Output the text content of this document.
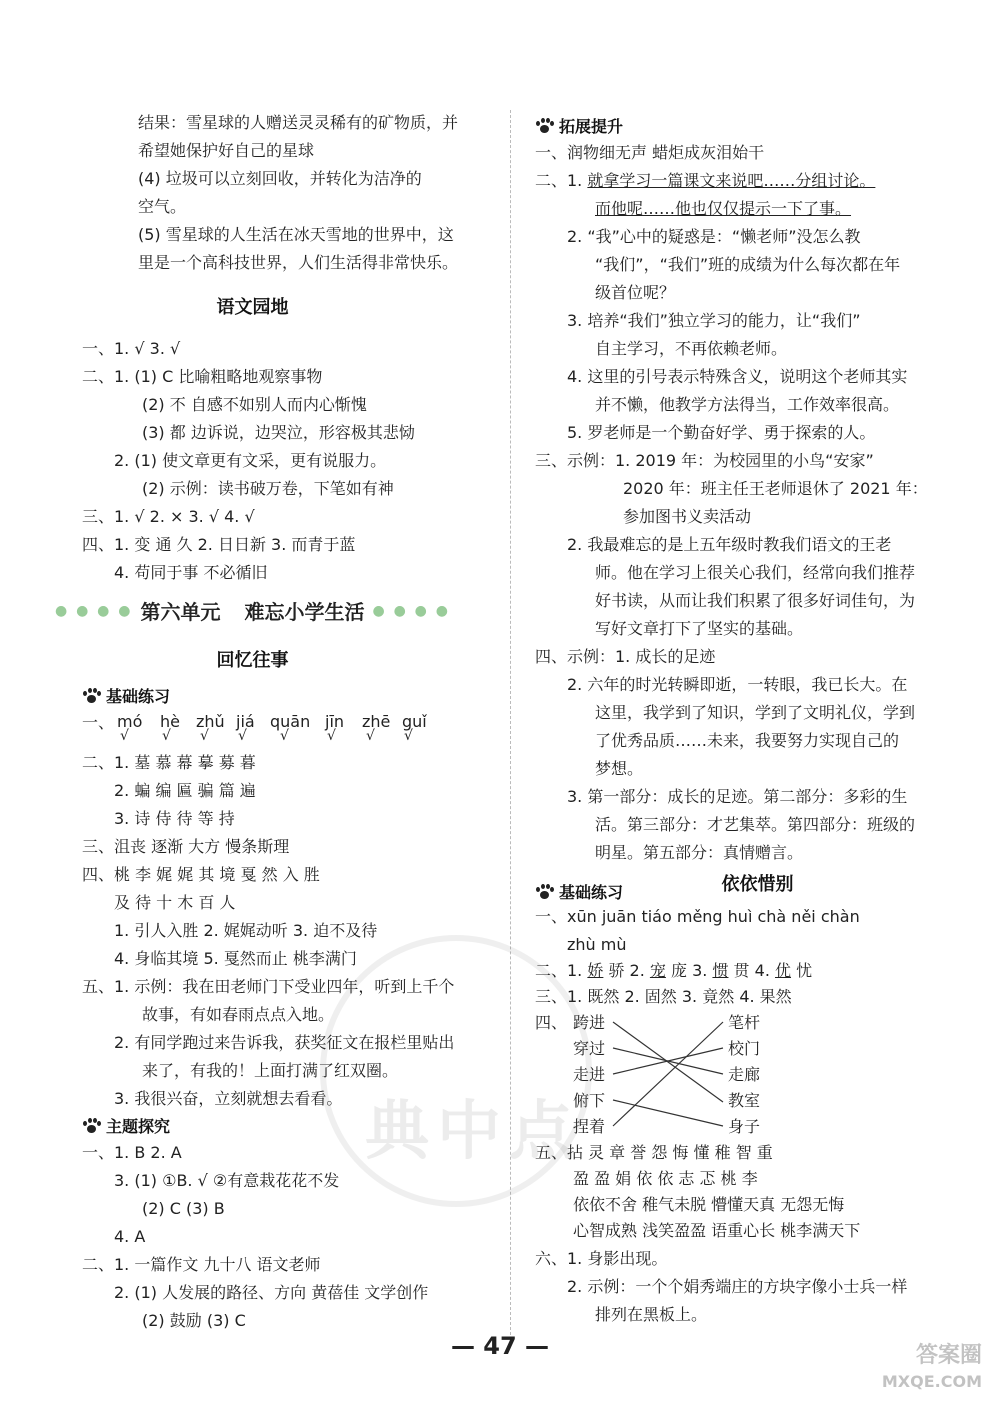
结果：雪星球的人赠送灵灵稀有的矿物质，并
希望她保护好自己的星球
(4) 垃圾可以立刻回收，并转化为洁净的
空气。
(5) 雪星球的人生活在冰天雪地的世界中，这
里是一个高科技世界，人们生活得非常快乐。
语文园地
一、1. √ 3. √
二、1. (1) C 比喻粗略地观察事物
(2) 不 自感不如别人而内心惭愧
(3) 都 边诉说，边哭泣，形容极其悲恸
2. (1) 使文章更有文采，更有说服力。
(2) 示例：读书破万卷，下笔如有神
三、1. √ 2. × 3. √ 4. √
四、1. 变 通 久 2. 日日新 3. 而青于蓝
4. 苟同于事 不必循旧
● ● ● ● 第六单元 难忘小学生活 ● ● ● ●
回忆往事
基础练习
一、 mó hè zhǔ jiá quān jīn zhē guǐ
√ √ √ √ √	√ √ √
二、1. 墓 慕 幕 摹 募 暮
2. 蝙 编 匾 骗 篇 遍
3. 诗 侍 待 等 持
三、沮丧 逐渐 大方 慢条斯理
四、桃 李 娓 娓 其 境 戛 然 入 胜
及 待 十 木 百 人
1. 引人入胜 2. 娓娓动听 3. 迫不及待
4. 身临其境 5. 戛然而止 桃李满门
五、1. 示例：我在田老师门下受业四年，听到上千个
故事，有如春雨点点入地。
2. 有同学跑过来告诉我，获奖征文在报栏里贴出
来了，有我的！上面打满了红双圈。
3. 我很兴奋，立刻就想去看看。
主题探究
一、1. B 2. A
3. (1) ①B. √ ②有意栽花花不发
(2) C (3) B
4. A
二、1. 一篇作文 九十八 语文老师
2. (1) 人发展的路径、方向 黄蓓佳 文学创作
(2) 鼓励 (3) C
拓展提升
一、润物细无声 蜡炬成灰泪始干
二、1. 就拿学习一篇课文来说吧……分组讨论。
而他呢……他也仅仅提示一下了事。
2. “我”心中的疑惑是：“懒老师”没怎么教
“我们”，“我们”班的成绩为什么每次都在年
级首位呢？
3. 培养“我们”独立学习的能力，让“我们”
自主学习，不再依赖老师。
4. 这里的引号表示特殊含义，说明这个老师其实
并不懒，他教学方法得当，工作效率很高。
5. 罗老师是一个勤奋好学、勇于探索的人。
三、示例：1. 2019 年：为校园里的小鸟“安家”
2020 年：班主任王老师退休了 2021 年：
参加图书义卖活动
2. 我最难忘的是上五年级时教我们语文的王老
师。他在学习上很关心我们，经常向我们推荐
好书读，从而让我们积累了很多好词佳句，为
写好文章打下了坚实的基础。
四、示例：1. 成长的足迹
2. 六年的时光转瞬即逝，一转眼，我已长大。在
这里，我学到了知识，学到了文明礼仪，学到
了优秀品质……未来，我要努力实现自己的
梦想。
3. 第一部分：成长的足迹。第二部分：多彩的生
活。第三部分：才艺集萃。第四部分：班级的
明星。第五部分：真情赠言。
依依惜别
基础练习
一、xūn juān tiáo měng huì chà něi chàn
zhù mù
二、1. 娇 骄 2. 宠 庞 3. 惯 贯 4. 优 忧
三、1. 既然 2. 固然 3. 竟然 4. 果然
四、 跨进
穿过
走进
俯下
捏着
笔杆
校门
走廊
教室
身子
五、拈 灵 章 誉 怨 悔 懂 稚 智 重
盈 盈 娟 依 依 志 忑 桃 李
依依不舍 稚气未脱 懵懂天真 无怨无悔
心智成熟 浅笑盈盈 语重心长 桃李满天下
六、1. 身影出现。
2. 示例：一个个娟秀端庄的方块字像小士兵一样
排列在黑板上。
典中点
— 47 —	答案圈
MXQE.COM
